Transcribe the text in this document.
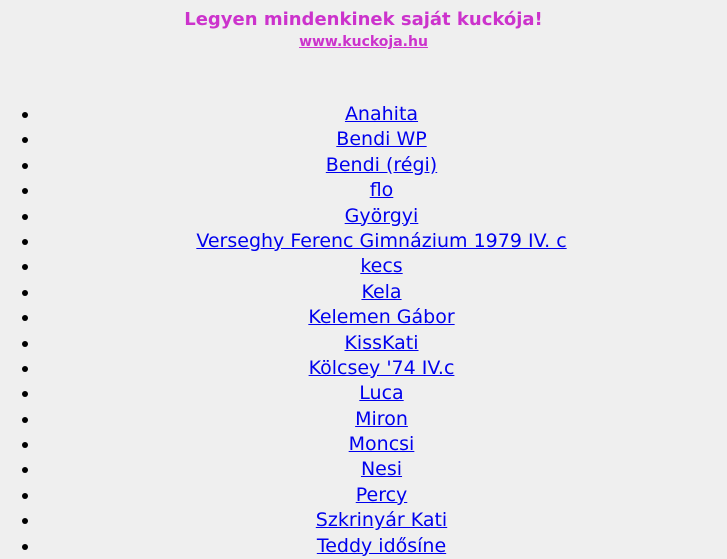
Legyen mindenkinek saját kuckója!

www.kuckoja.hu
• Anahita
• Bendi WP
• Bendi (régi)
• flo
• Györgyi
• Verseghy Ferenc Gimnázium 1979 IV. c
• kecs
• Kela
• Kelemen Gábor
• KissKati
• Kölcsey '74 IV.c
• Luca
• Miron
• Moncsi
• Nesi
• Percy
• Szkrinyár Kati
• Teddy idősíne
